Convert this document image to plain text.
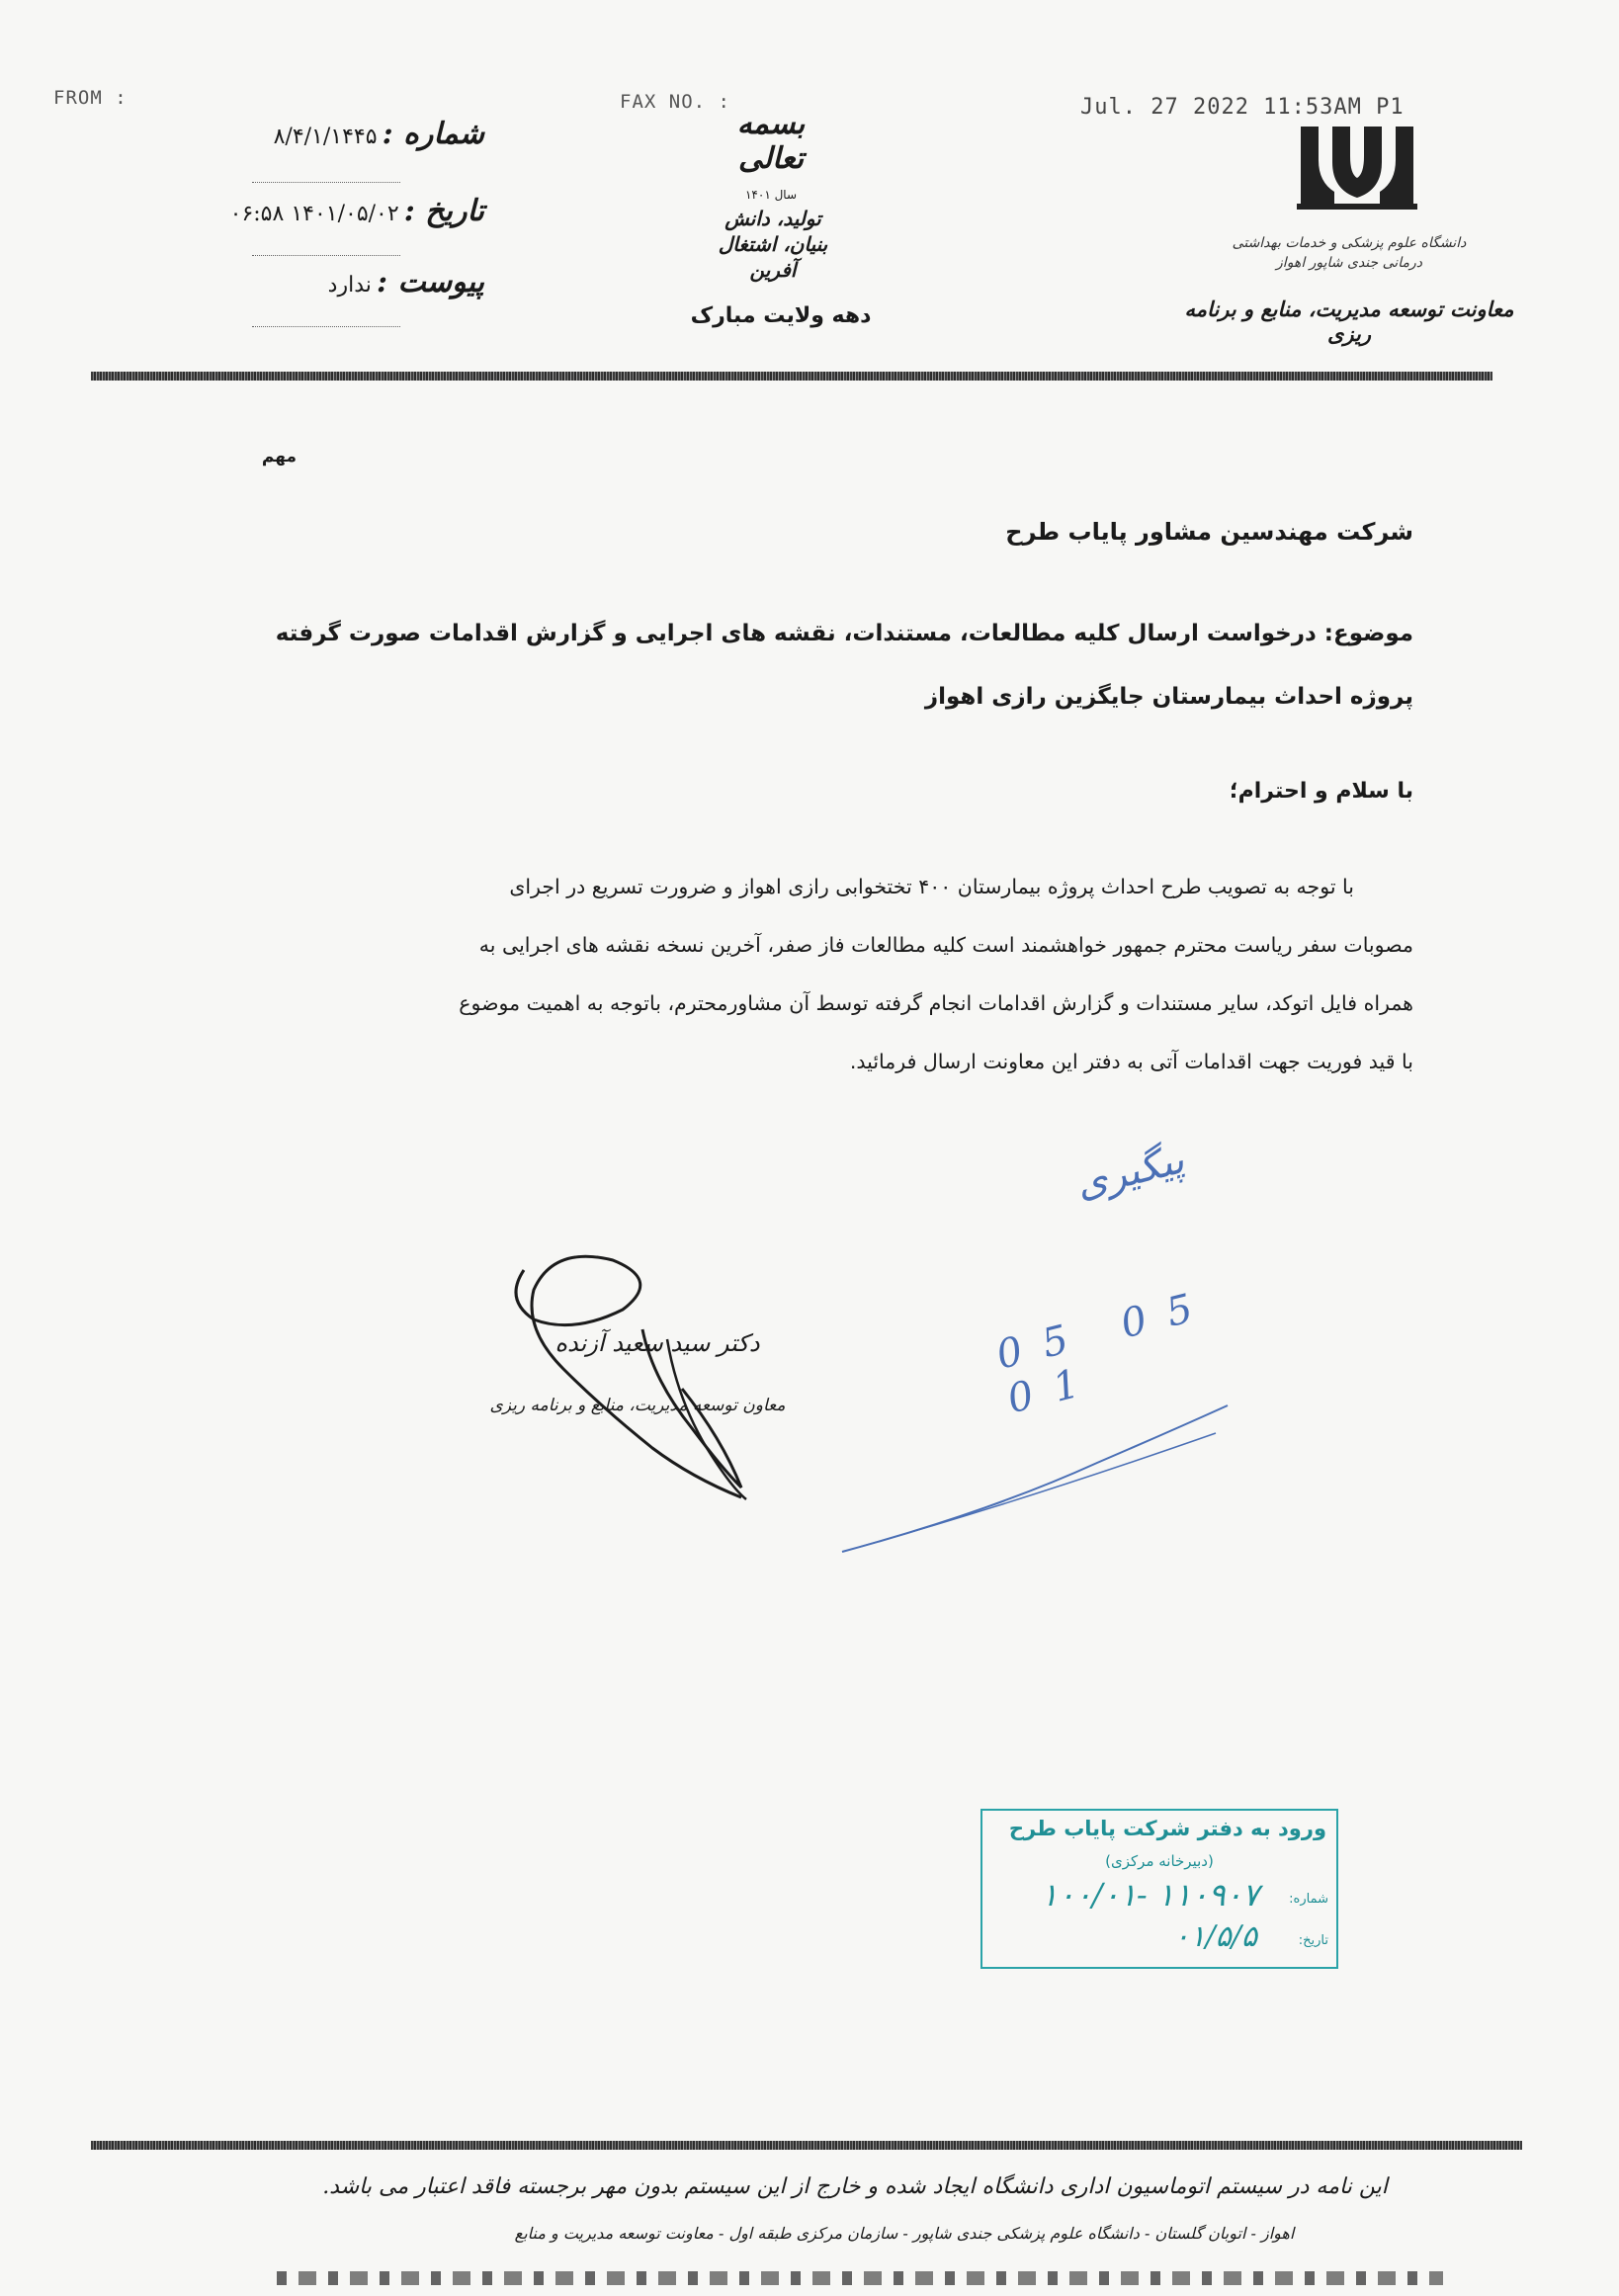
FROM :	FAX NO. :	Jul. 27 2022 11:53AM P1
شماره : ۸/۴/۱/۱۴۴۵
تاریخ : ۱۴۰۱/۰۵/۰۲ ۰۶:۵۸
پیوست : ندارد
بسمه تعالی
سال ۱۴۰۱
تولید، دانش بنیان، اشتغال آفرین
دهه ولایت مبارک
دانشگاه علوم پزشکی و خدمات بهداشتی درمانی جندی شاپور اهواز
معاونت توسعه مدیریت، منابع و برنامه ریزی
مهم
شرکت مهندسین مشاور پایاب طرح
موضوع: درخواست ارسال کلیه مطالعات، مستندات، نقشه های اجرایی و گزارش اقدامات صورت گرفته
پروژه احداث بیمارستان جایگزین رازی اهواز
با سلام و احترام؛
با توجه به تصویب طرح احداث پروژه بیمارستان ۴۰۰ تختخوابی رازی اهواز و ضرورت تسریع در اجرای
مصوبات سفر ریاست محترم جمهور خواهشمند است کلیه مطالعات فاز صفر، آخرین نسخه نقشه های اجرایی به
همراه فایل اتوکد، سایر مستندات و گزارش اقدامات انجام گرفته توسط آن مشاورمحترم، باتوجه به اهمیت موضوع
با قید فوریت جهت اقدامات آتی به دفتر این معاونت ارسال فرمائید.
دکتر سید سعید آزنده
معاون توسعه مدیریت، منابع و برنامه ریزی
پیگیری
05 05 01
ورود به دفتر شرکت پایاب طرح
(دبیرخانه مرکزی)
شماره:
۱۰۰/۰۱- ۱۱۰۹۰۷
تاریخ:
۰۱/۵/۵
این نامه در سیستم اتوماسیون اداری دانشگاه ایجاد شده و خارج از این سیستم بدون مهر برجسته فاقد اعتبار می باشد.
اهواز - اتوبان گلستان - دانشگاه علوم پزشکی جندی شاپور - سازمان مرکزی طبقه اول - معاونت توسعه مدیریت و منابع
